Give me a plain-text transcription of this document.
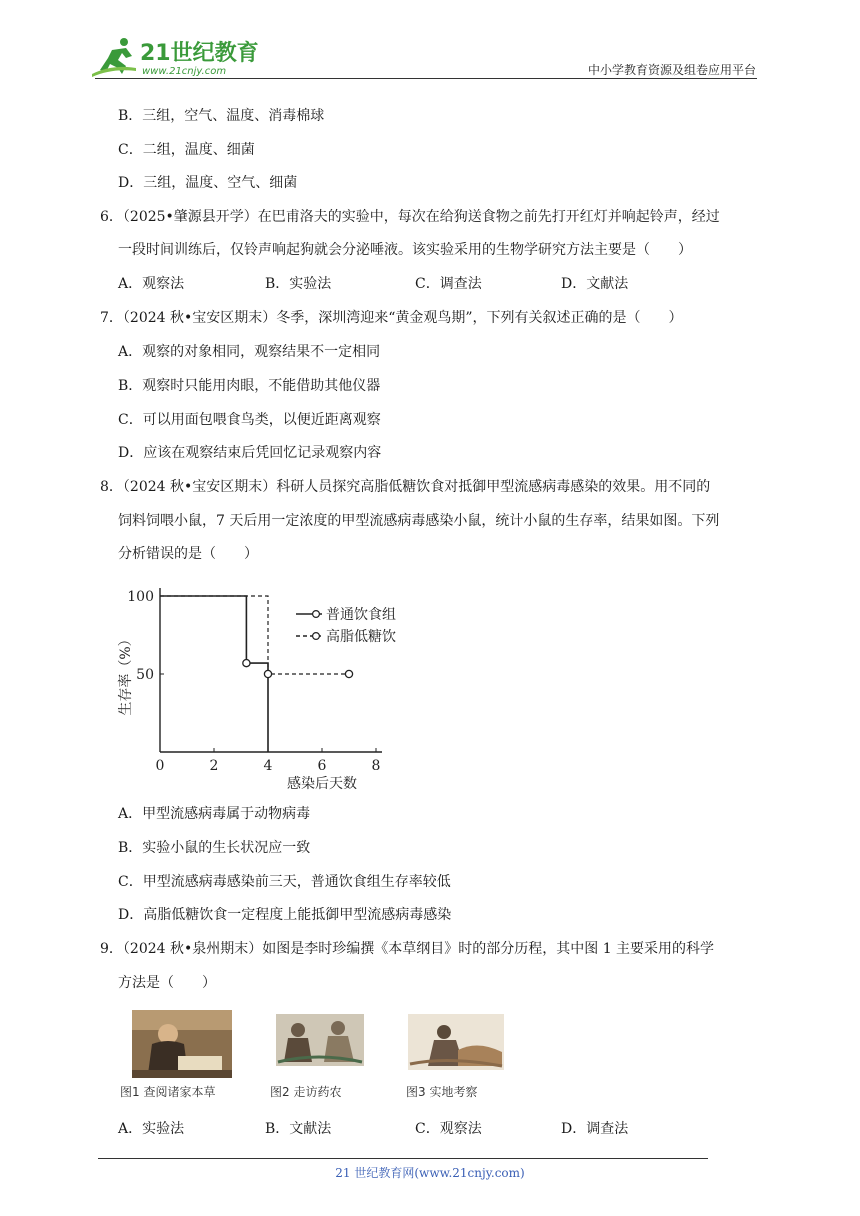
21世纪教育
www.21cnjy.com	中小学教育资源及组卷应用平台
B．三组，空气、温度、消毒棉球
C．二组，温度、细菌
D．三组，温度、空气、细菌
6．（2025•肇源县开学）在巴甫洛夫的实验中，每次在给狗送食物之前先打开红灯并响起铃声，经过
一段时间训练后，仅铃声响起狗就会分泌唾液。该实验采用的生物学研究方法主要是（　　）
A．观察法	B．实验法	C．调查法	D．文献法
7．（2024 秋•宝安区期末）冬季，深圳湾迎来“黄金观鸟期”，下列有关叙述正确的是（　　）
A．观察的对象相同，观察结果不一定相同
B．观察时只能用肉眼，不能借助其他仪器
C．可以用面包喂食鸟类，以便近距离观察
D．应该在观察结束后凭回忆记录观察内容
8．（2024 秋•宝安区期末）科研人员探究高脂低糖饮食对抵御甲型流感病毒感染的效果。用不同的
饲料饲喂小鼠，7 天后用一定浓度的甲型流感病毒感染小鼠，统计小鼠的生存率，结果如图。下列
分析错误的是（　　）
0	2	4	6	8
50
100
感染后天数
生存率（%）
普通饮食组
高脂低糖饮
A．甲型流感病毒属于动物病毒
B．实验小鼠的生长状况应一致
C．甲型流感病毒感染前三天，普通饮食组生存率较低
D．高脂低糖饮食一定程度上能抵御甲型流感病毒感染
9．（2024 秋•泉州期末）如图是李时珍编撰《本草纲目》时的部分历程，其中图 1 主要采用的科学
方法是（　　）
图1 查阅诸家本草	图2 走访药农	图3 实地考察
A．实验法	B．文献法	C．观察法	D．调查法
21 世纪教育网(www.21cnjy.com)
